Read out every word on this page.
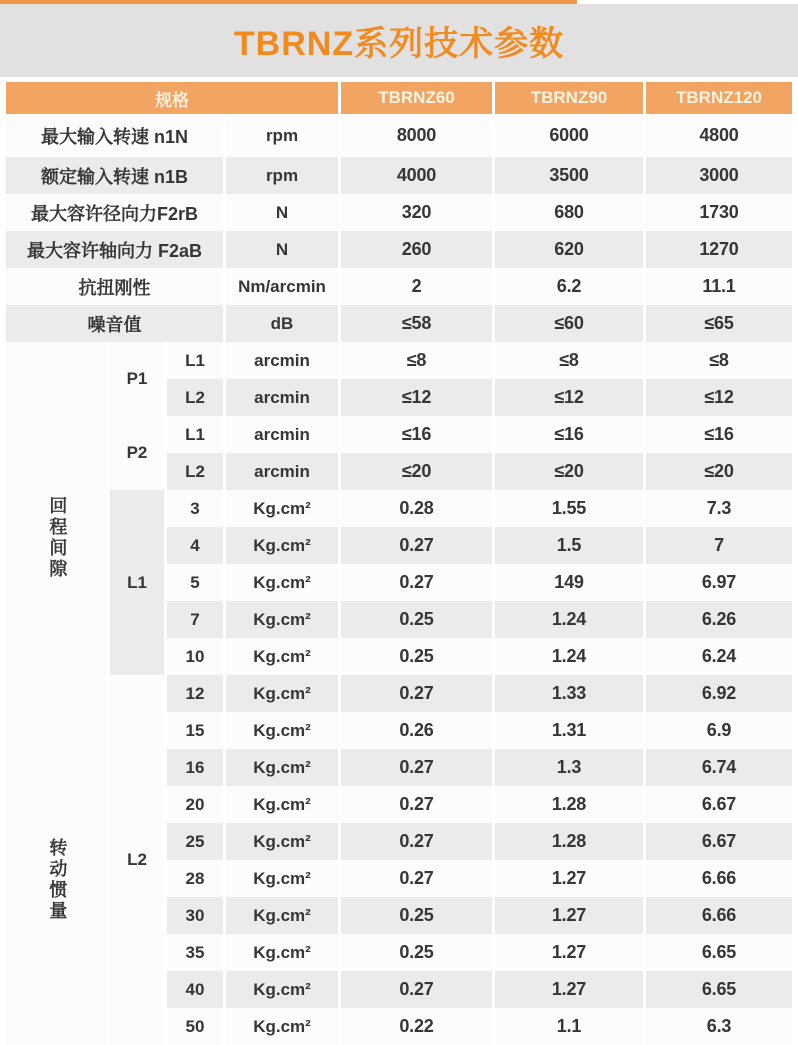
TBRNZ系列技术参数
规格				TBRNZ60	TBRNZ90	TBRNZ120
最大输入转速 n1N			rpm	8000	6000	4800
额定输入转速 n1B			rpm	4000	3500	3000
最大容许径向力F2rB			N	320	680	1730
最大容许轴向力 F2aB			N	260	620	1270
抗扭刚性			Nm/arcmin	2	6.2	11.1
噪音值			dB	≤58	≤60	≤65
回程间隙	P1	L1	arcmin	≤8	≤8	≤8
		L2	arcmin	≤12	≤12	≤12
	P2	L1	arcmin	≤16	≤16	≤16
		L2	arcmin	≤20	≤20	≤20
	L1	3	Kg.cm²	0.28	1.55	7.3
		4	Kg.cm²	0.27	1.5	7
		5	Kg.cm²	0.27	149	6.97
		7	Kg.cm²	0.25	1.24	6.26
		10	Kg.cm²	0.25	1.24	6.24
转动惯量	L2	12	Kg.cm²	0.27	1.33	6.92
		15	Kg.cm²	0.26	1.31	6.9
		16	Kg.cm²	0.27	1.3	6.74
		20	Kg.cm²	0.27	1.28	6.67
		25	Kg.cm²	0.27	1.28	6.67
		28	Kg.cm²	0.27	1.27	6.66
		30	Kg.cm²	0.25	1.27	6.66
		35	Kg.cm²	0.25	1.27	6.65
		40	Kg.cm²	0.27	1.27	6.65
		50	Kg.cm²	0.22	1.1	6.3
